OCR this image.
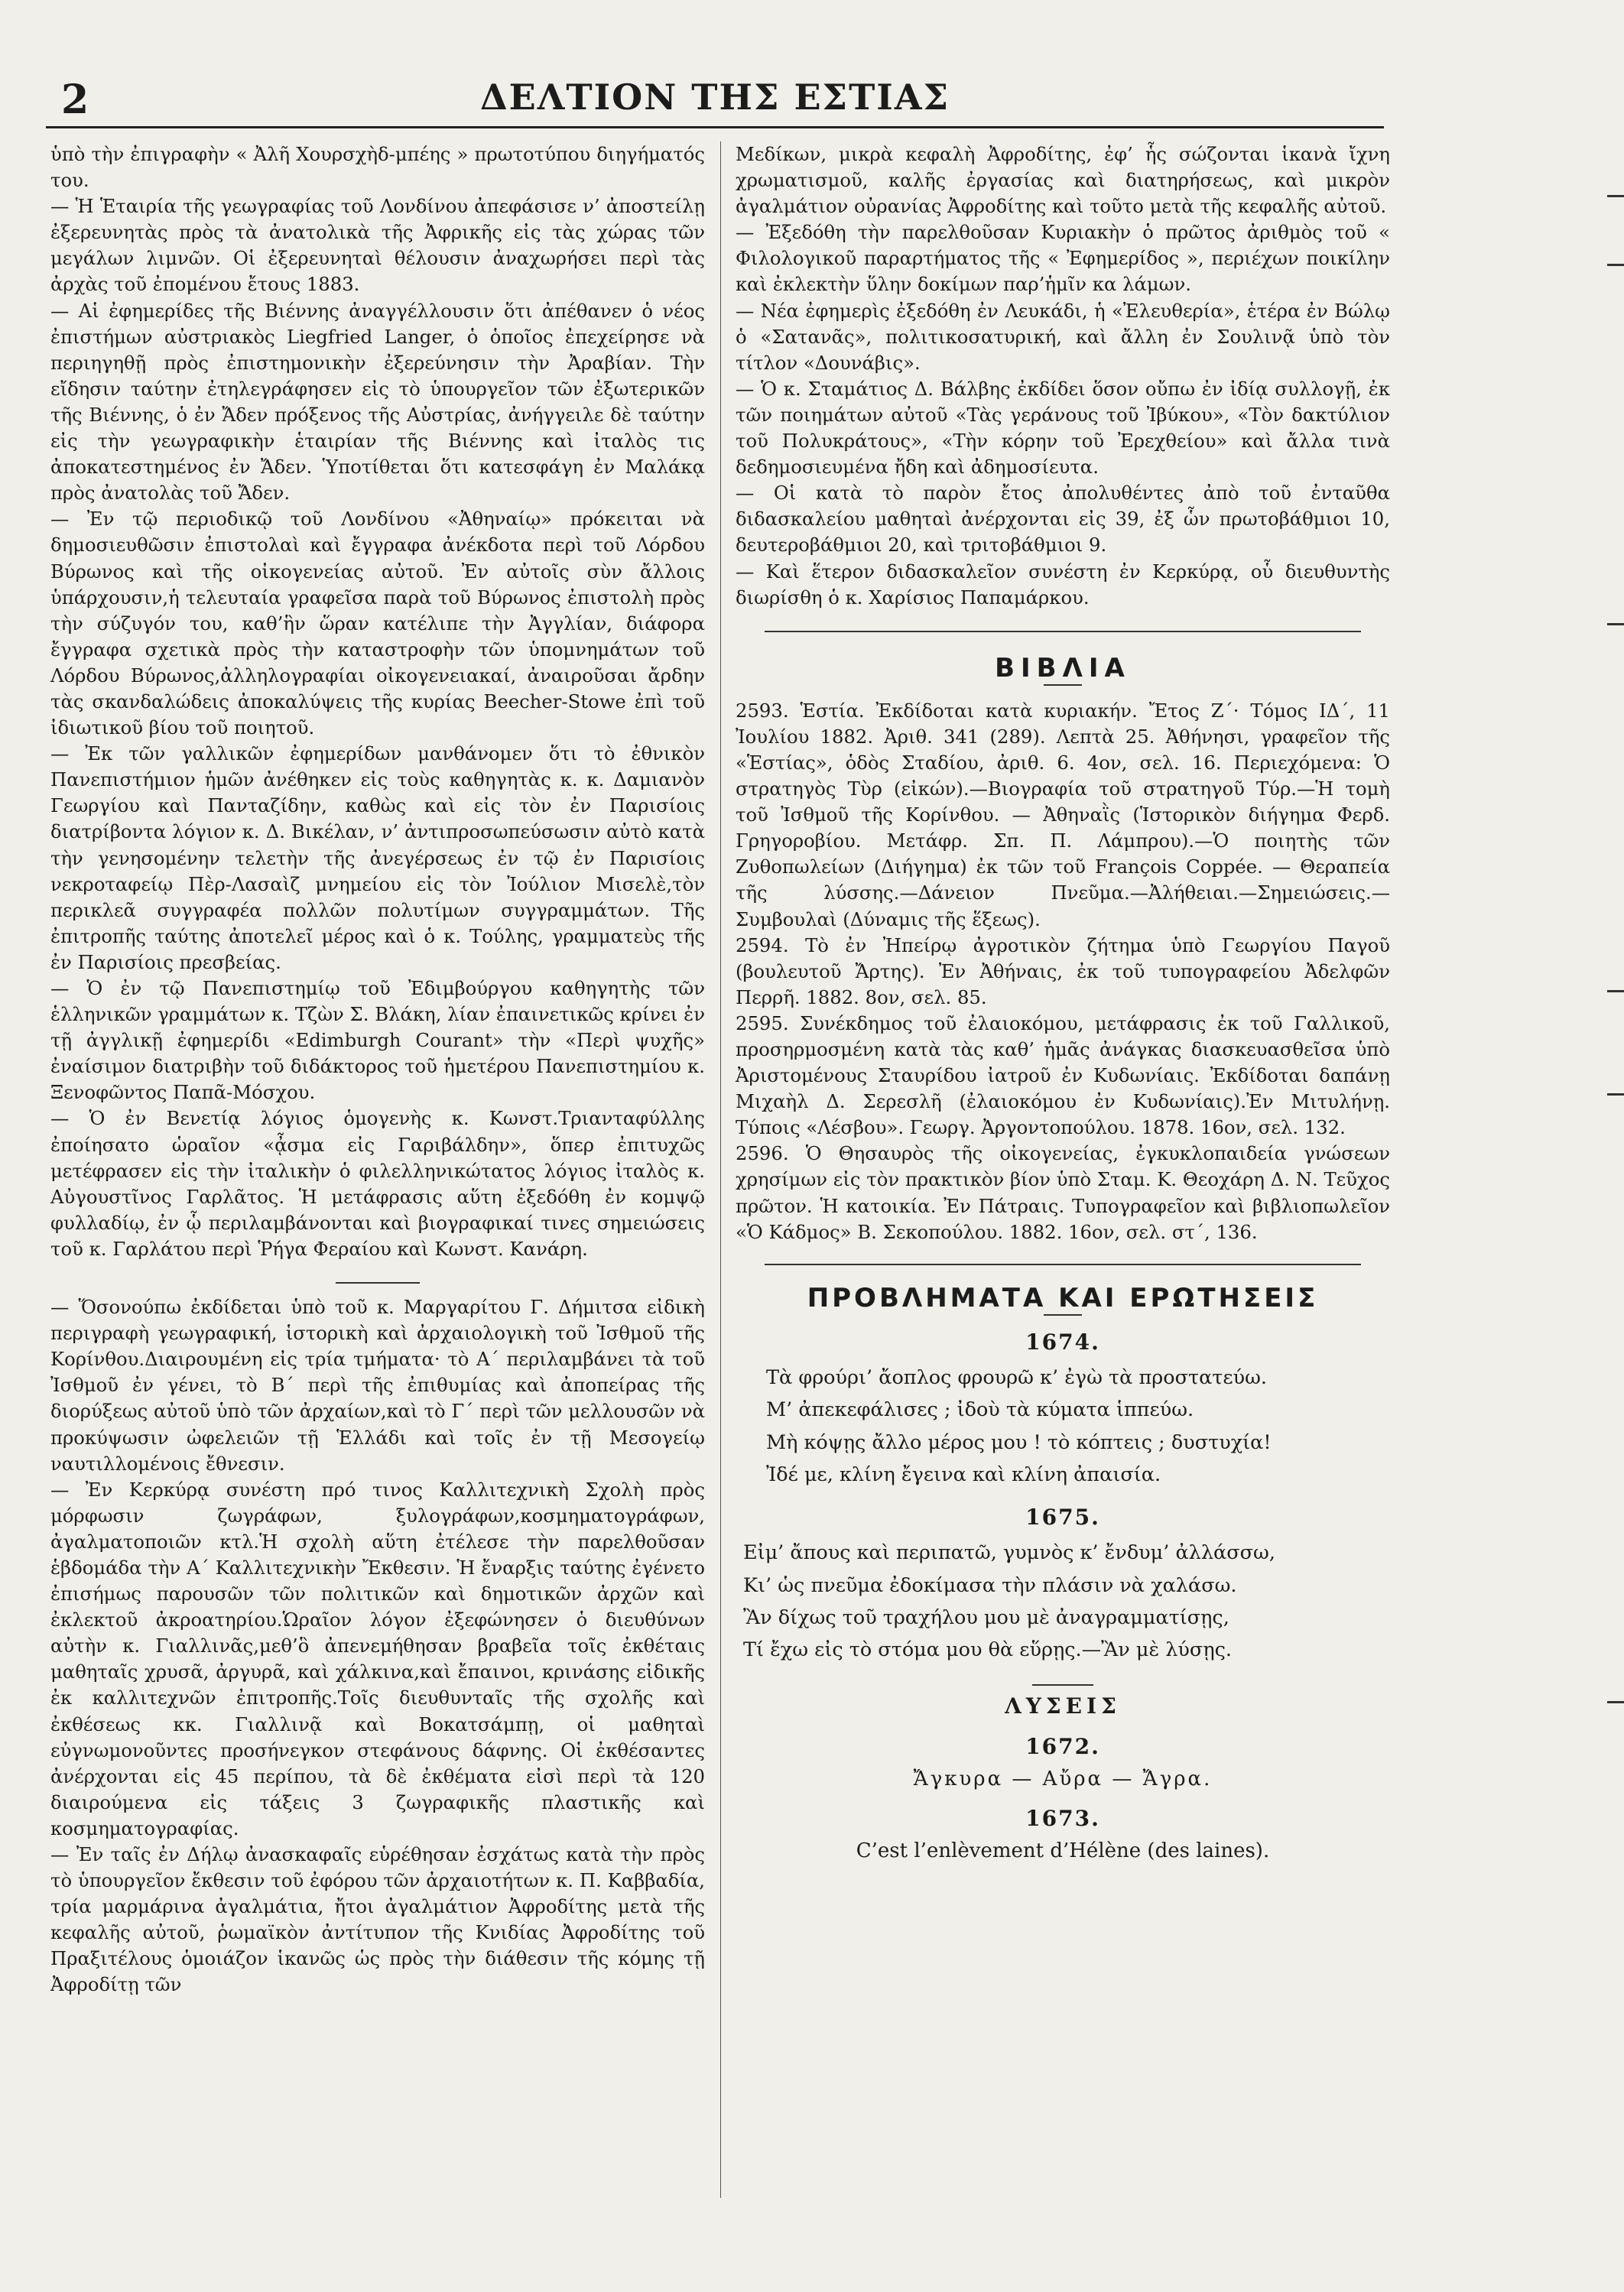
2	ΔΕΛΤΙΟΝ ΤΗΣ ΕΣΤΙΑΣ

ὑπὸ τὴν ἐπιγραφὴν « Ἀλῆ Χουρσχὴδ-μπέης » πρωτοτύπου διηγήματός του.

— Ἡ Ἑταιρία τῆς γεωγραφίας τοῦ Λονδίνου ἀπεφάσισε ν’ ἀποστείλῃ ἐξερευνητὰς πρὸς τὰ ἀνατολικὰ τῆς Ἀφρικῆς εἰς τὰς χώρας τῶν μεγάλων λιμνῶν. Οἱ ἐξερευνηταὶ θέλουσιν ἀναχωρήσει περὶ τὰς ἀρχὰς τοῦ ἐπομένου ἔτους 1883.

— Αἱ ἐφημερίδες τῆς Βιέννης ἀναγγέλλουσιν ὅτι ἀπέθανεν ὁ νέος ἐπιστήμων αὐστριακὸς Liegfried Langer, ὁ ὁποῖος ἐπεχείρησε νὰ περιηγηθῇ πρὸς ἐπιστημονικὴν ἐξερεύνησιν τὴν Ἀραβίαν. Τὴν εἴδησιν ταύτην ἐτηλεγράφησεν εἰς τὸ ὑπουργεῖον τῶν ἐξωτερικῶν τῆς Βιέννης, ὁ ἐν Ἄδεν πρόξενος τῆς Αὐστρίας, ἀνήγγειλε δὲ ταύτην εἰς τὴν γεωγραφικὴν ἑταιρίαν τῆς Βιέννης καὶ ἰταλὸς τις ἀποκατεστημένος ἐν Ἄδεν. Ὑποτίθεται ὅτι κατεσφάγη ἐν Μαλάκᾳ πρὸς ἀνατολὰς τοῦ Ἄδεν.

— Ἐν τῷ περιοδικῷ τοῦ Λονδίνου «Ἀθηναίῳ» πρόκειται νὰ δημοσιευθῶσιν ἐπιστολαὶ καὶ ἔγγραφα ἀνέκδοτα περὶ τοῦ Λόρδου Βύρωνος καὶ τῆς οἰκογενείας αὐτοῦ. Ἐν αὐτοῖς σὺν ἄλλοις ὑπάρχουσιν,ἡ τελευταία γραφεῖσα παρὰ τοῦ Βύρωνος ἐπιστολὴ πρὸς τὴν σύζυγόν του, καθ’ἣν ὥραν κατέλιπε τὴν Ἀγγλίαν, διάφορα ἔγγραφα σχετικὰ πρὸς τὴν καταστροφὴν τῶν ὑπομνημάτων τοῦ Λόρδου Βύρωνος,ἀλληλογραφίαι οἰκογενειακαί, ἀναιροῦσαι ἄρδην τὰς σκανδαλώδεις ἀποκαλύψεις τῆς κυρίας Beecher-Stowe ἐπὶ τοῦ ἰδιωτικοῦ βίου τοῦ ποιητοῦ.

— Ἐκ τῶν γαλλικῶν ἐφημερίδων μανθάνομεν ὅτι τὸ ἐθνικὸν Πανεπιστήμιον ἡμῶν ἀνέθηκεν εἰς τοὺς καθηγητὰς κ. κ. Δαμιανὸν Γεωργίου καὶ Πανταζίδην, καθὼς καὶ εἰς τὸν ἐν Παρισίοις διατρίβοντα λόγιον κ. Δ. Βικέλαν, ν’ ἀντιπροσωπεύσωσιν αὐτὸ κατὰ τὴν γενησομένην τελετὴν τῆς ἀνεγέρσεως ἐν τῷ ἐν Παρισίοις νεκροταφείῳ Πὲρ-Λασαὶζ μνημείου εἰς τὸν Ἰούλιον Μισελὲ,τὸν περικλεᾶ συγγραφέα πολλῶν πολυτίμων συγγραμμάτων. Τῆς ἐπιτροπῆς ταύτης ἀποτελεῖ μέρος καὶ ὁ κ. Τούλης, γραμματεὺς τῆς ἐν Παρισίοις πρεσβείας.

— Ὁ ἐν τῷ Πανεπιστημίῳ τοῦ Ἐδιμβούργου καθηγητὴς τῶν ἑλληνικῶν γραμμάτων κ. Τζὼν Σ. Βλάκη, λίαν ἐπαινετικῶς κρίνει ἐν τῇ ἀγγλικῇ ἐφημερίδι «Edimburgh Courant» τὴν «Περὶ ψυχῆς» ἐναίσιμον διατριβὴν τοῦ διδάκτορος τοῦ ἡμετέρου Πανεπιστημίου κ. Ξενοφῶντος Παπᾶ-Μόσχου.

— Ὁ ἐν Βενετίᾳ λόγιος ὁμογενὴς κ. Κωνστ.Τριανταφύλλης ἐποίησατο ὡραῖον «ᾆσμα εἰς Γαριβάλδην», ὅπερ ἐπιτυχῶς μετέφρασεν εἰς τὴν ἰταλικὴν ὁ φιλελληνικώτατος λόγιος ἰταλὸς κ. Αὐγουστῖνος Γαρλᾶτος. Ἡ μετάφρασις αὕτη ἐξεδόθη ἐν κομψῷ φυλλαδίῳ, ἐν ᾧ περιλαμβάνονται καὶ βιογραφικαί τινες σημειώσεις τοῦ κ. Γαρλάτου περὶ Ῥήγα Φεραίου καὶ Κωνστ. Κανάρη.

— Ὅσονούπω ἐκδίδεται ὑπὸ τοῦ κ. Μαργαρίτου Γ. Δήμιτσα εἰδικὴ περιγραφὴ γεωγραφική, ἱστορικὴ καὶ ἀρχαιολογικὴ τοῦ Ἰσθμοῦ τῆς Κορίνθου.Διαιρουμένη εἰς τρία τμήματα· τὸ Α΄ περιλαμβάνει τὰ τοῦ Ἰσθμοῦ ἐν γένει, τὸ Β΄ περὶ τῆς ἐπιθυμίας καὶ ἀποπείρας τῆς διορύξεως αὐτοῦ ὑπὸ τῶν ἀρχαίων,καὶ τὸ Γ΄ περὶ τῶν μελλουσῶν νὰ προκύψωσιν ὠφελειῶν τῇ Ἑλλάδι καὶ τοῖς ἐν τῇ Μεσογείῳ ναυτιλλομένοις ἔθνεσιν.

— Ἐν Κερκύρᾳ συνέστη πρό τινος Καλλιτεχνικὴ Σχολὴ πρὸς μόρφωσιν ζωγράφων, ξυλογράφων,κοσμηματογράφων, ἀγαλματοποιῶν κτλ.Ἡ σχολὴ αὕτη ἐτέλεσε τὴν παρελθοῦσαν ἑβδομάδα τὴν Α΄ Καλλιτεχνικὴν Ἔκθεσιν. Ἡ ἔναρξις ταύτης ἐγένετο ἐπισήμως παρουσῶν τῶν πολιτικῶν καὶ δημοτικῶν ἀρχῶν καὶ ἐκλεκτοῦ ἀκροατηρίου.Ὡραῖον λόγον ἐξεφώνησεν ὁ διευθύνων αὐτὴν κ. Γιαλλινᾶς,μεθ’ὃ ἀπενεμήθησαν βραβεῖα τοῖς ἐκθέταις μαθηταῖς χρυσᾶ, ἀργυρᾶ, καὶ χάλκινα,καὶ ἔπαινοι, κρινάσης εἰδικῆς ἐκ καλλιτεχνῶν ἐπιτροπῆς.Τοῖς διευθυνταῖς τῆς σχολῆς καὶ ἐκθέσεως κκ. Γιαλλινᾷ καὶ Βοκατσάμπῃ, οἱ μαθηταὶ εὐγνωμονοῦντες προσήνεγκον στεφάνους δάφνης. Οἱ ἐκθέσαντες ἀνέρχονται εἰς 45 περίπου, τὰ δὲ ἐκθέματα εἰσὶ περὶ τὰ 120 διαιρούμενα εἰς τάξεις 3 ζωγραφικῆς πλαστικῆς καὶ κοσμηματογραφίας.

— Ἐν ταῖς ἐν Δήλῳ ἀνασκαφαῖς εὑρέθησαν ἐσχάτως κατὰ τὴν πρὸς τὸ ὑπουργεῖον ἔκθεσιν τοῦ ἐφόρου τῶν ἀρχαιοτήτων κ. Π. Καββαδία, τρία μαρμάρινα ἀγαλμάτια, ἤτοι ἀγαλμάτιον Ἀφροδίτης μετὰ τῆς κεφαλῆς αὐτοῦ, ῥωμαϊκὸν ἀντίτυπον τῆς Κνιδίας Ἀφροδίτης τοῦ Πραξιτέλους ὁμοιάζον ἱκανῶς ὡς πρὸς τὴν διάθεσιν τῆς κόμης τῇ Ἀφροδίτῃ τῶν

Μεδίκων, μικρὰ κεφαλὴ Ἀφροδίτης, ἐφ’ ἧς σώζονται ἱκανὰ ἴχνη χρωματισμοῦ, καλῆς ἐργασίας καὶ διατηρήσεως, καὶ μικρὸν ἀγαλμάτιον οὐρανίας Ἀφροδίτης καὶ τοῦτο μετὰ τῆς κεφαλῆς αὐτοῦ.

— Ἐξεδόθη τὴν παρελθοῦσαν Κυριακὴν ὁ πρῶτος ἀριθμὸς τοῦ « Φιλολογικοῦ παραρτήματος τῆς « Ἐφημερίδος », περιέχων ποικίλην καὶ ἐκλεκτὴν ὕλην δοκίμων παρ’ἡμῖν κα λάμων.

— Νέα ἐφημερὶς ἐξεδόθη ἐν Λευκάδι, ἡ «Ἐλευθερία», ἑτέρα ἐν Βώλῳ ὁ «Σατανᾶς», πολιτικοσατυρική, καὶ ἄλλη ἐν Σουλινᾷ ὑπὸ τὸν τίτλον «Δουνάβις».

— Ὁ κ. Σταμάτιος Δ. Βάλβης ἐκδίδει ὅσον οὔπω ἐν ἰδίᾳ συλλογῇ, ἐκ τῶν ποιημάτων αὐτοῦ «Τὰς γεράνους τοῦ Ἰβύκου», «Τὸν δακτύλιον τοῦ Πολυκράτους», «Τὴν κόρην τοῦ Ἐρεχθείου» καὶ ἄλλα τινὰ δεδημοσιευμένα ἤδη καὶ ἀδημοσίευτα.

— Οἱ κατὰ τὸ παρὸν ἔτος ἀπολυθέντες ἀπὸ τοῦ ἐνταῦθα διδασκαλείου μαθηταὶ ἀνέρχονται εἰς 39, ἐξ ὧν πρωτοβάθμιοι 10, δευτεροβάθμιοι 20, καὶ τριτοβάθμιοι 9.

— Καὶ ἕτερον διδασκαλεῖον συνέστη ἐν Κερκύρᾳ, οὗ διευθυντὴς διωρίσθη ὁ κ. Χαρίσιος Παπαμάρκου.

ΒΙΒΛΙΑ

2593. Ἑστία. Ἐκδίδοται κατὰ κυριακήν. Ἔτος Ζ΄· Τόμος ΙΔ΄, 11 Ἰουλίου 1882. Ἀριθ. 341 (289). Λεπτὰ 25. Ἀθήνησι, γραφεῖον τῆς «Ἑστίας», ὁδὸς Σταδίου, ἀριθ. 6. 4ον, σελ. 16. Περιεχόμενα: Ὁ στρατηγὸς Τὺρ (εἰκών).—Βιογραφία τοῦ στρατηγοῦ Τύρ.—Ἡ τομὴ τοῦ Ἰσθμοῦ τῆς Κορίνθου. — Ἀθηναῒς (Ἱστορικὸν διήγημα Φερδ. Γρηγοροβίου. Μετάφρ. Σπ. Π. Λάμπρου).—Ὁ ποιητὴς τῶν Ζυθοπωλείων (Διήγημα) ἐκ τῶν τοῦ François Coppée. — Θεραπεία τῆς λύσσης.—Δάνειον Πνεῦμα.—Ἀλήθειαι.—Σημειώσεις.—Συμβουλαὶ (Δύναμις τῆς ἕξεως).

2594. Τὸ ἐν Ἠπείρῳ ἀγροτικὸν ζήτημα ὑπὸ Γεωργίου Παγοῦ (βουλευτοῦ Ἄρτης). Ἐν Ἀθήναις, ἐκ τοῦ τυπογραφείου Ἀδελφῶν Περρῆ. 1882. 8ον, σελ. 85.

2595. Συνέκδημος τοῦ ἐλαιοκόμου, μετάφρασις ἐκ τοῦ Γαλλικοῦ, προσηρμοσμένη κατὰ τὰς καθ’ ἡμᾶς ἀνάγκας διασκευασθεῖσα ὑπὸ Ἀριστομένους Σταυρίδου ἰατροῦ ἐν Κυδωνίαις. Ἐκδίδοται δαπάνῃ Μιχαὴλ Δ. Σερεσλῆ (ἐλαιοκόμου ἐν Κυδωνίαις).Ἐν Μιτυλήνῃ. Τύποις «Λέσβου». Γεωργ. Ἀργοντοπούλου. 1878. 16ον, σελ. 132.

2596. Ὁ Θησαυρὸς τῆς οἰκογενείας, ἐγκυκλοπαιδεία γνώσεων χρησίμων εἰς τὸν πρακτικὸν βίον ὑπὸ Σταμ. Κ. Θεοχάρη Δ. Ν. Τεῦχος πρῶτον. Ἡ κατοικία. Ἐν Πάτραις. Τυπογραφεῖον καὶ βιβλιοπωλεῖον «Ὁ Κάδμος» Β. Σεκοπούλου. 1882. 16ον, σελ. στ΄, 136.

ΠΡΟΒΛΗΜΑΤΑ ΚΑΙ ΕΡΩΤΗΣΕΙΣ
1674.
Τὰ φρούρι’ ἄοπλος φρουρῶ κ’ ἐγὼ τὰ προστατεύω.
Μ’ ἀπεκεφάλισες ; ἰδοὺ τὰ κύματα ἱππεύω.
Μὴ κόψῃς ἄλλο μέρος μου ! τὸ κόπτεις ; δυστυχία!
Ἰδέ με, κλίνη ἔγεινα καὶ κλίνη ἀπαισία.
1675.
Εἰμ’ ἄπους καὶ περιπατῶ, γυμνὸς κ’ ἔνδυμ’ ἀλλάσσω,
Κι’ ὡς πνεῦμα ἐδοκίμασα τὴν πλάσιν νὰ χαλάσω.
Ἂν δίχως τοῦ τραχήλου μου μὲ ἀναγραμματίσῃς,
Τί ἔχω εἰς τὸ στόμα μου θὰ εὕρῃς.—Ἂν μὲ λύσῃς.
ΛΥΣΕΙΣ
1672.
Ἄγκυρα — Αὔρα — Ἄγρα.
1673.
C’est l’enlèvement d’Hélène (des laines).
